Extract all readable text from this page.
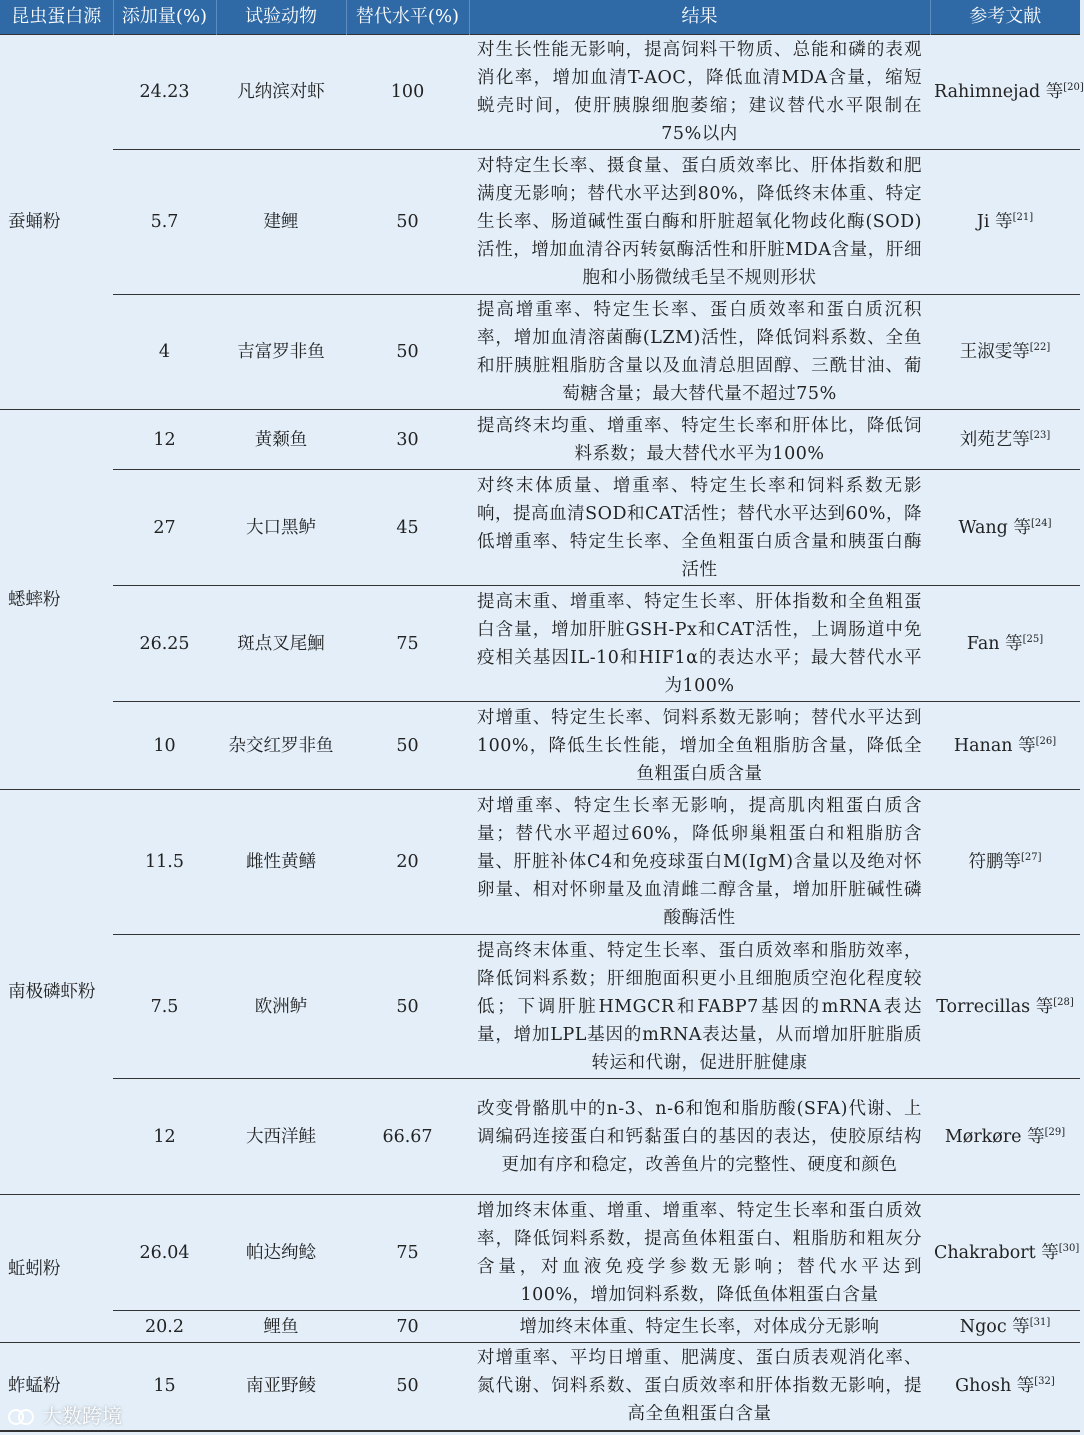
昆虫蛋白源	添加量(%)	试验动物	替代水平(%)	结果	参考文献
蚕蛹粉	24.23	凡纳滨对虾	100	对生长性能无影响，提高饲料干物质、总能和磷的表观消化率，增加血清T-AOC，降低血清MDA含量，缩短蜕壳时间，使肝胰腺细胞萎缩；建议替代水平限制在75%以内	Rahimnejad 等[20]
	5.7	建鲤	50	对特定生长率、摄食量、蛋白质效率比、肝体指数和肥满度无影响；替代水平达到80%，降低终末体重、特定生长率、肠道碱性蛋白酶和肝脏超氧化物歧化酶(SOD)活性，增加血清谷丙转氨酶活性和肝脏MDA含量，肝细胞和小肠微绒毛呈不规则形状	Ji 等[21]
	4	吉富罗非鱼	50	提高增重率、特定生长率、蛋白质效率和蛋白质沉积率，增加血清溶菌酶(LZM)活性，降低饲料系数、全鱼和肝胰脏粗脂肪含量以及血清总胆固醇、三酰甘油、葡萄糖含量；最大替代量不超过75%	王淑雯等[22]
蟋蟀粉	12	黄颡鱼	30	提高终末均重、增重率、特定生长率和肝体比，降低饲料系数；最大替代水平为100%	刘苑艺等[23]
	27	大口黑鲈	45	对终末体质量、增重率、特定生长率和饲料系数无影响，提高血清SOD和CAT活性；替代水平达到60%，降低增重率、特定生长率、全鱼粗蛋白质含量和胰蛋白酶活性	Wang 等[24]
	26.25	斑点叉尾鮰	75	提高末重、增重率、特定生长率、肝体指数和全鱼粗蛋白含量，增加肝脏GSH-Px和CAT活性，上调肠道中免疫相关基因IL-10和HIF1α的表达水平；最大替代水平为100%	Fan 等[25]
	10	杂交红罗非鱼	50	对增重、特定生长率、饲料系数无影响；替代水平达到100%，降低生长性能，增加全鱼粗脂肪含量，降低全鱼粗蛋白质含量	Hanan 等[26]
南极磷虾粉	11.5	雌性黄鳝	20	对增重率、特定生长率无影响，提高肌肉粗蛋白质含量；替代水平超过60%，降低卵巢粗蛋白和粗脂肪含量、肝脏补体C4和免疫球蛋白M(IgM)含量以及绝对怀卵量、相对怀卵量及血清雌二醇含量，增加肝脏碱性磷酸酶活性	符鹏等[27]
	7.5	欧洲鲈	50	提高终末体重、特定生长率、蛋白质效率和脂肪效率，降低饲料系数；肝细胞面积更小且细胞质空泡化程度较低；下调肝脏HMGCR和FABP7基因的mRNA表达量，增加LPL基因的mRNA表达量，从而增加肝脏脂质转运和代谢，促进肝脏健康	Torrecillas 等[28]
	12	大西洋鲑	66.67	改变骨骼肌中的n-3、n-6和饱和脂肪酸(SFA)代谢、上调编码连接蛋白和钙黏蛋白的基因的表达，使胶原结构更加有序和稳定，改善鱼片的完整性、硬度和颜色	Mørkøre 等[29]
蚯蚓粉	26.04	帕达绚鲶	75	增加终末体重、增重、增重率、特定生长率和蛋白质效率，降低饲料系数，提高鱼体粗蛋白、粗脂肪和粗灰分含量，对血液免疫学参数无影响；替代水平达到100%，增加饲料系数，降低鱼体粗蛋白含量	Chakrabort 等[30]
	20.2	鲤鱼	70	增加终末体重、特定生长率，对体成分无影响	Ngoc 等[31]
蚱蜢粉	15	南亚野鲮	50	对增重率、平均日增重、肥满度、蛋白质表观消化率、氮代谢、饲料系数、蛋白质效率和肝体指数无影响，提高全鱼粗蛋白含量	Ghosh 等[32]
大数跨境
